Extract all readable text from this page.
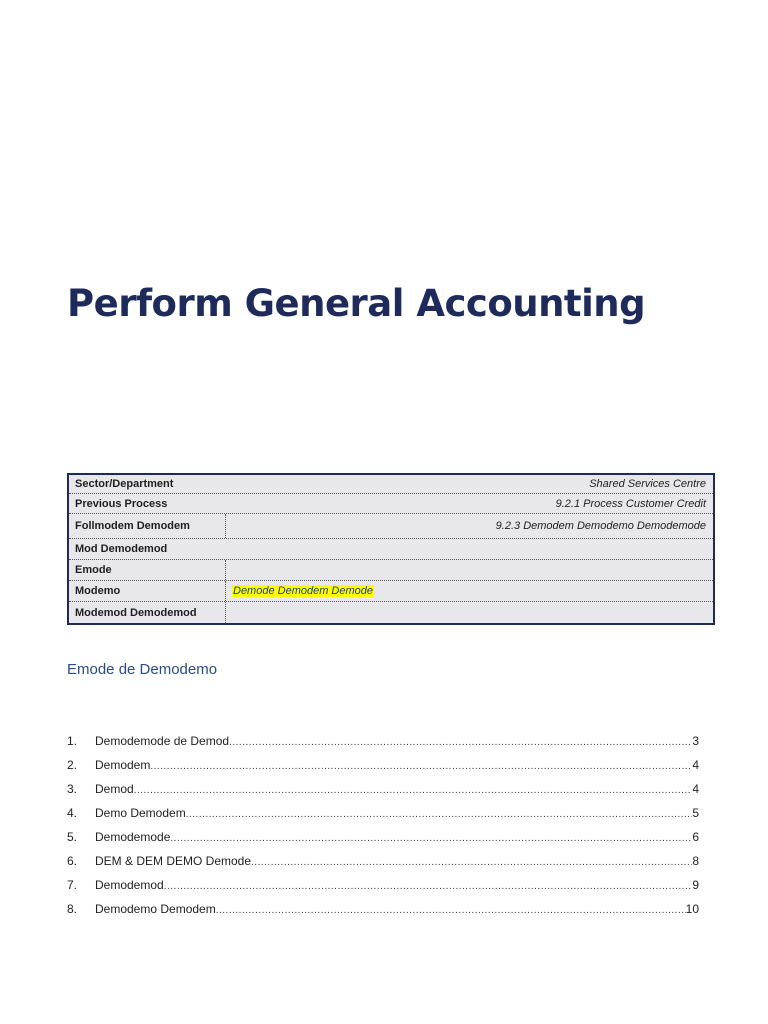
Perform General Accounting
Sector/Department	Shared Services Centre
Previous Process	9.2.1 Process Customer Credit
Follmodem Demodem	9.2.3 Demodem Demodemo Demodemode
Mod Demodemod
Emode
Modemo	Demode Demodem Demode
Modemod Demodemod
Emode de Demodemo
1.	Demodemode de Demod .....	3
2.	Demodem .....	4
3.	Demod .....	4
4.	Demo Demodem .....	5
5.	Demodemode .....	6
6.	DEM & DEM DEMO Demode .....	8
7.	Demodemod .....	9
8.	Demodemo Demodem .....	10
